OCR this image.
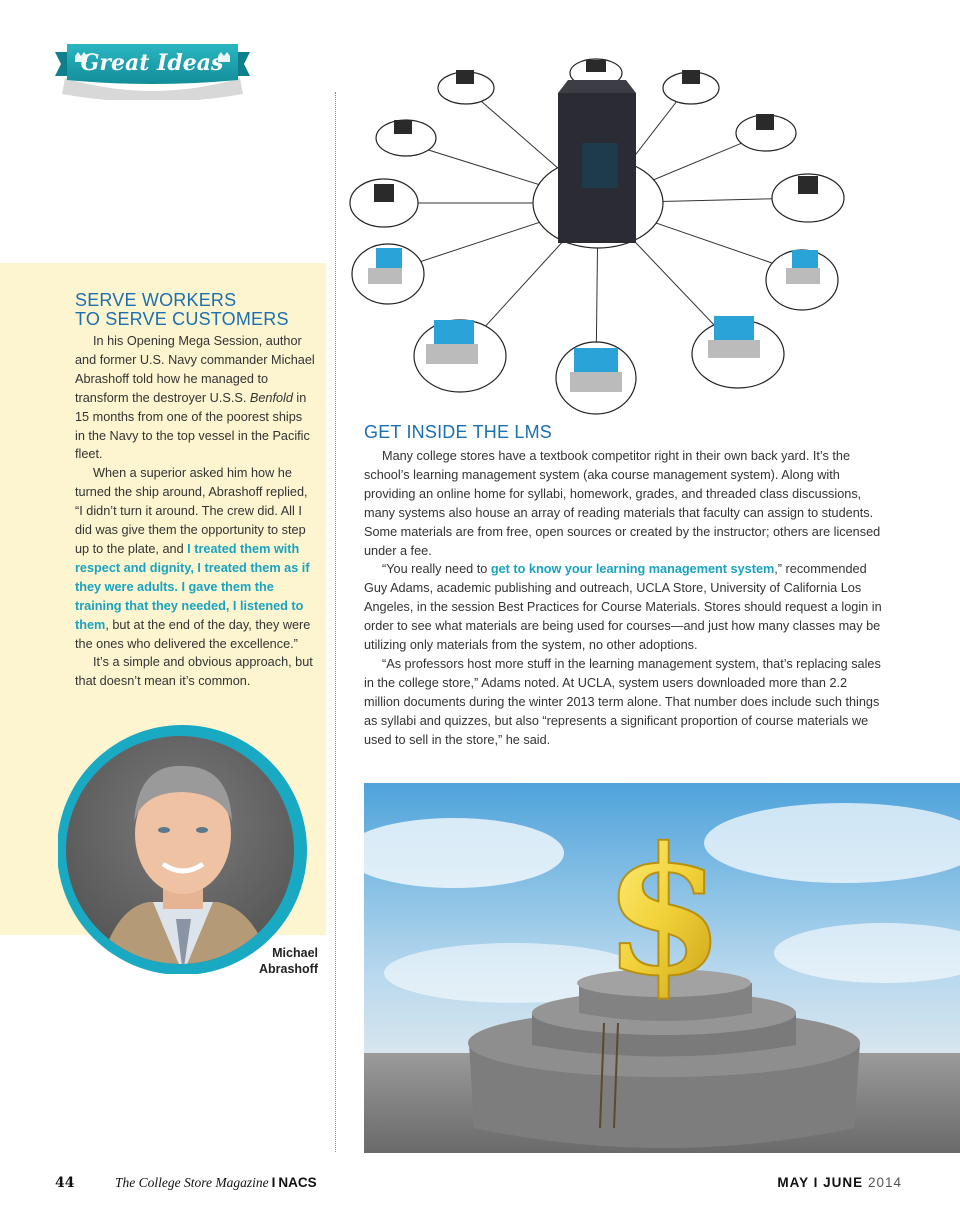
Great Ideas
SERVE WORKERS
TO SERVE CUSTOMERS

In his Opening Mega Session, author and former U.S. Navy commander Michael Abrashoff told how he managed to transform the destroyer U.S.S. Benfold in 15 months from one of the poorest ships in the Navy to the top vessel in the Pacific fleet.

When a superior asked him how he turned the ship around, Abrashoff replied, “I didn’t turn it around. The crew did. All I did was give them the opportunity to step up to the plate, and I treated them with respect and dignity, I treated them as if they were adults. I gave them the training that they needed, I listened to them, but at the end of the day, they were the ones who delivered the excellence.”

It’s a simple and obvious approach, but that doesn’t mean it’s common.

Michael
Abrashoff
GET INSIDE THE LMS

Many college stores have a textbook competitor right in their own back yard. It’s the school’s learning management system (aka course management system). Along with providing an online home for syllabi, homework, grades, and threaded class discussions, many systems also house an array of reading materials that faculty can assign to students. Some materials are from free, open sources or created by the instructor; others are licensed under a fee.

“You really need to get to know your learning management system,” recommended Guy Adams, academic publishing and outreach, UCLA Store, University of California Los Angeles, in the session Best Practices for Course Materials. Stores should request a login in order to see what materials are being used for courses—and just how many classes may be utilizing only materials from the system, no other adoptions.

“As professors host more stuff in the learning management system, that’s replacing sales in the college store,” Adams noted. At UCLA, system users downloaded more than 2.2 million documents during the winter 2013 term alone. That number does include such things as syllabi and quizzes, but also “represents a significant proportion of course materials we used to sell in the store,” he said.

$
44	The College Store Magazine I NACS	MAY I JUNE 2014
